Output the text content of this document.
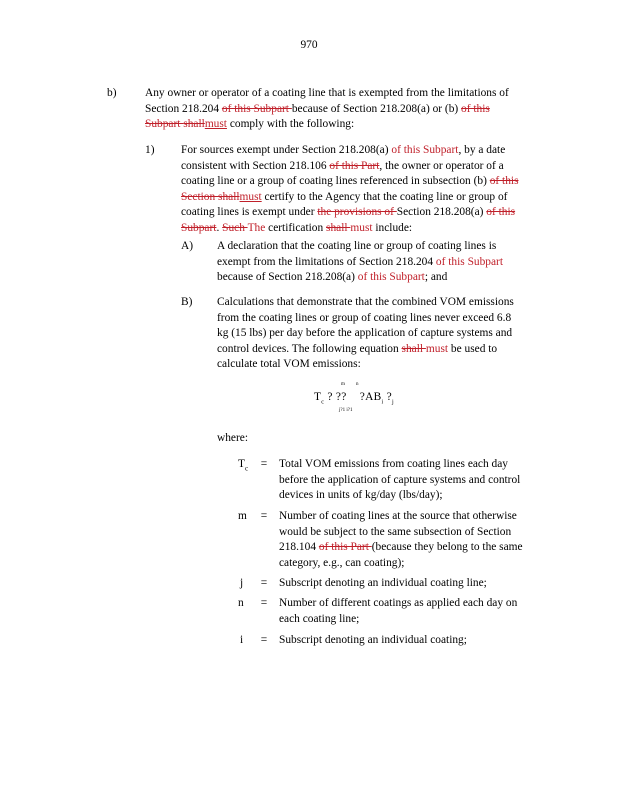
970
b)	Any owner or operator of a coating line that is exempted from the limitations of
Section 218.204 of this Subpart because of Section 218.208(a) or (b) of this
Subpart shallmust comply with the following:
1) For sources exempt under Section 218.208(a) of this Subpart, by a date
consistent with Section 218.106 of this Part, the owner or operator of a
coating line or a group of coating lines referenced in subsection (b) of this
Section shallmust certify to the Agency that the coating line or group of
coating lines is exempt under the provisions of Section 218.208(a) of this
Subpart. Such The certification shall must include:
A) A declaration that the coating line or group of coating lines is
exempt from the limitations of Section 218.204 of this Subpart
because of Section 218.208(a) of this Subpart; and
B) Calculations that demonstrate that the combined VOM emissions
from the coating lines or group of coating lines never exceed 6.8
kg (15 lbs) per day before the application of capture systems and
control devices. The following equation shall must be used to
calculate total VOM emissions:
m n
$T_c$ ? ?? $?AB_i$ $?_j$
j?1 i?1
where:
$T_c$	= Total VOM emissions from coating lines each day
before the application of capture systems and control
devices in units of kg/day (lbs/day);
m	= Number of coating lines at the source that otherwise
would be subject to the same subsection of Section
218.104 of this Part (because they belong to the same
category, e.g., can coating);
j	= Subscript denoting an individual coating line;
n	= Number of different coatings as applied each day on
each coating line;
i	= Subscript denoting an individual coating;
